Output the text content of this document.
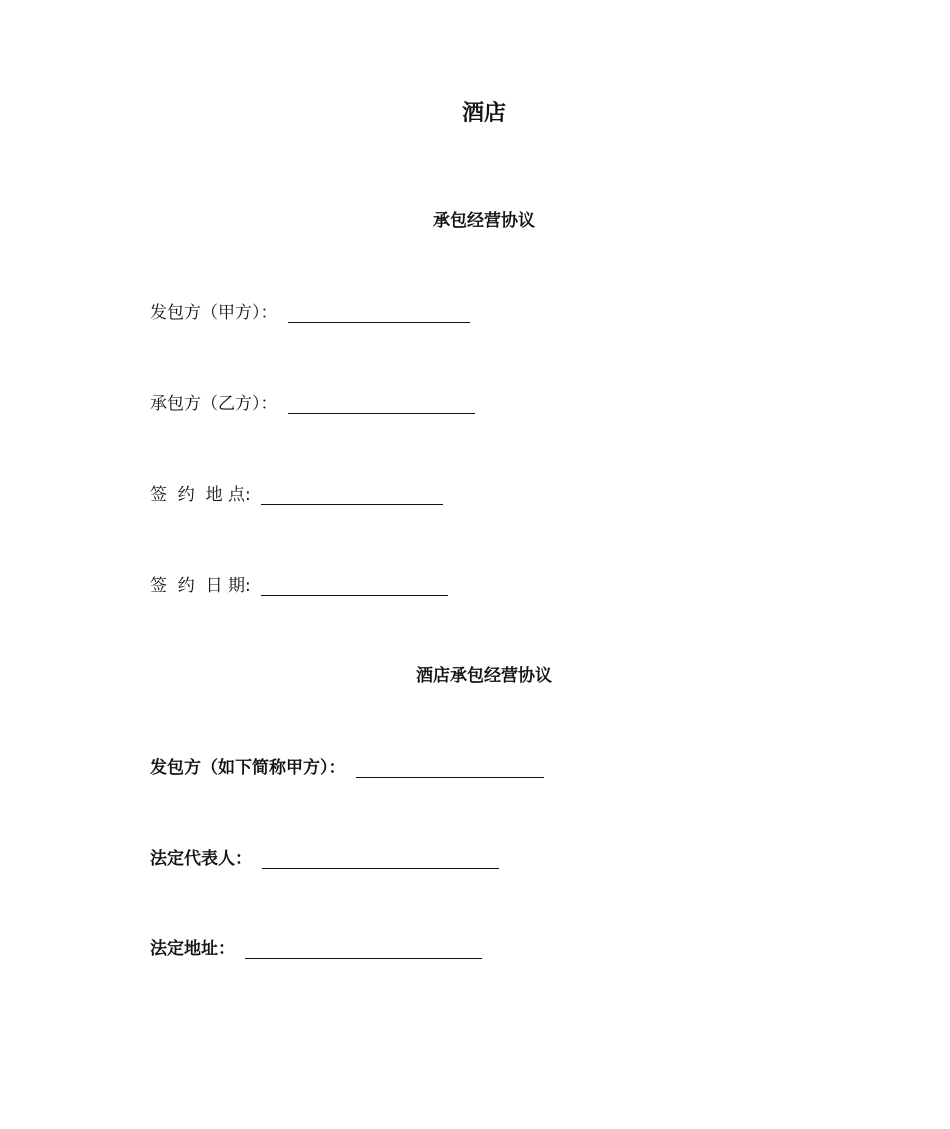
酒店
承包经营协议
发包方（甲方）：
承包方（乙方）：
签  约  地 点:
签  约  日 期:
酒店承包经营协议
发包方（如下简称甲方）：
法定代表人：
法定地址：
